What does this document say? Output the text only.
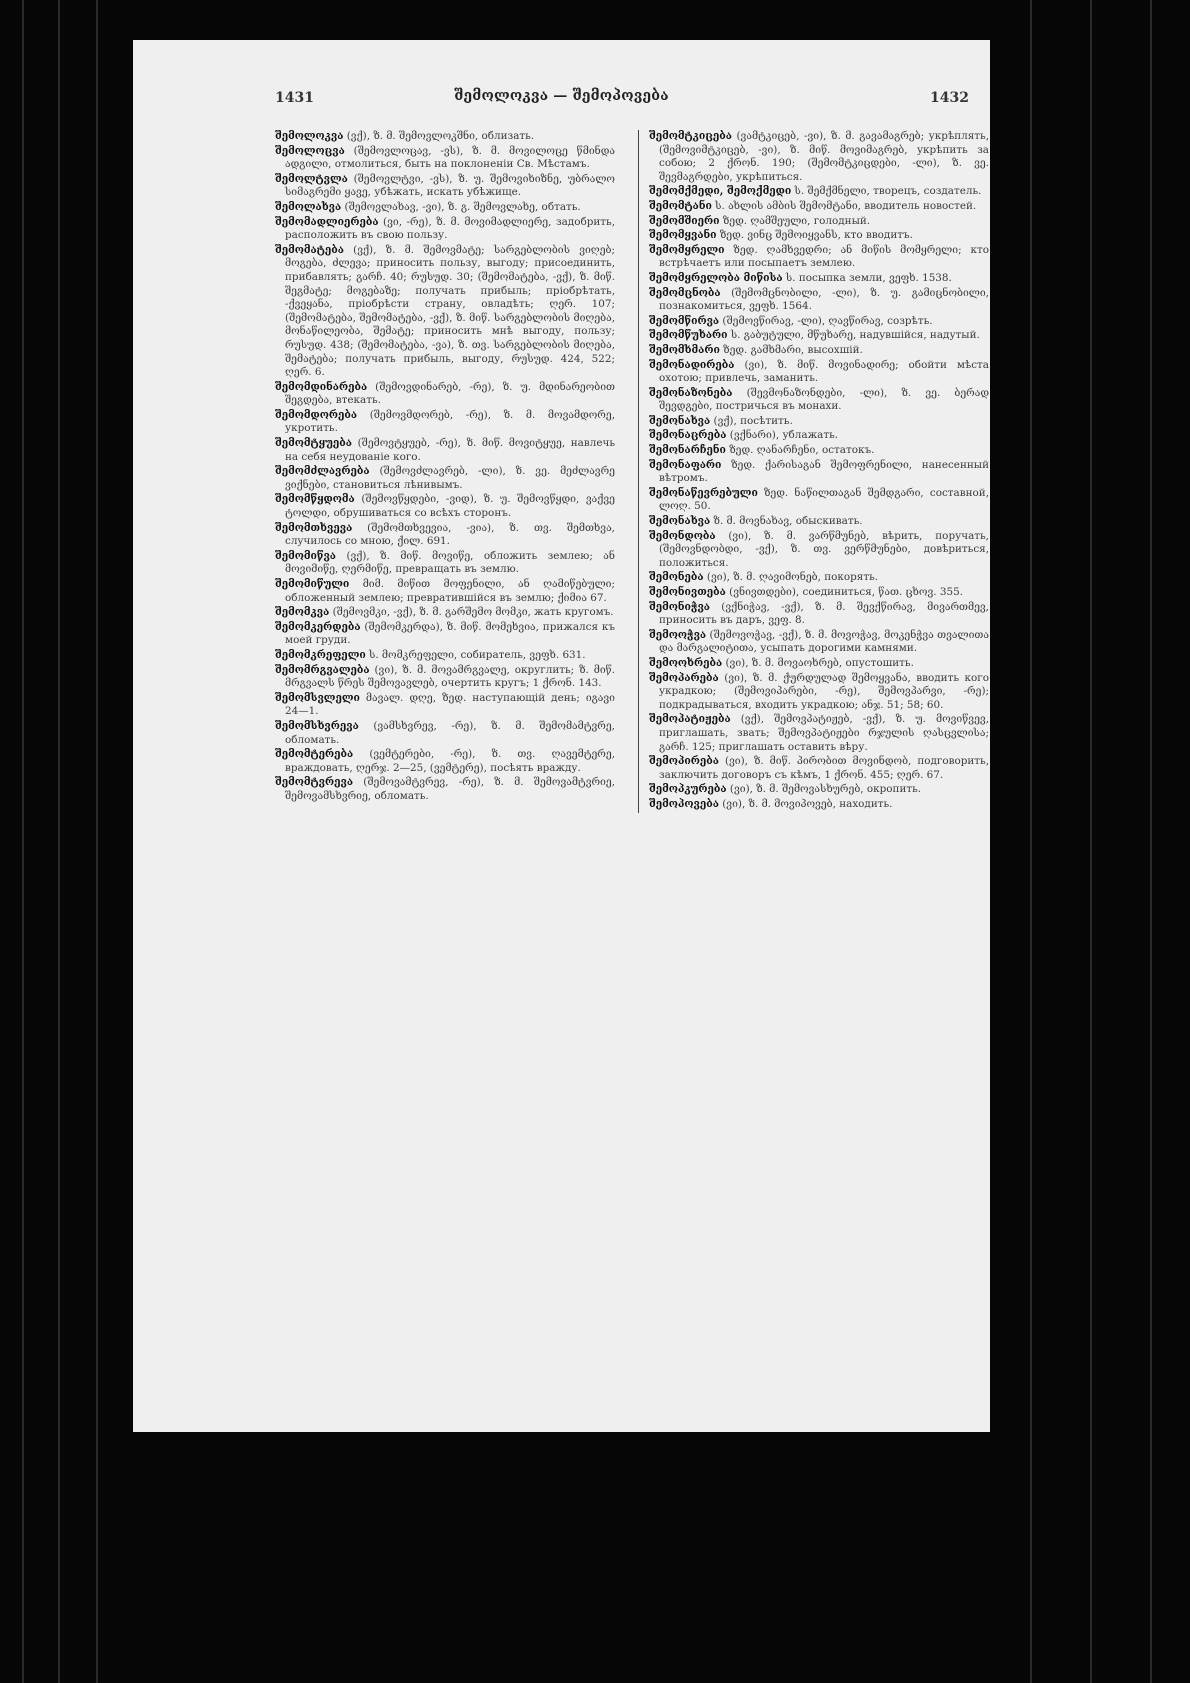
1431	შემოლოკვა — შემოპოვება	1432

შემოლოკვა (ვქ), ზ. მ. შემოვლოკშნი, облизать.

შემოლოცვა (შემოვლოცავ, -ვს), ზ. მ. მოვილოცე წმინდა ადგილი, отмолиться, быть на поклоненіи Св. Мѣстамъ.

შემოლტვლა (შემოვლტვი, -ვს), ზ. უ. შემოვიხიზნე, უბრალო სიმაგრემი ყავე, убѣжать, искать убѣжище.

შემოლახვა (შემოვლახავ, -ვი), ზ. გ. შემოვლახე, обтать.

შემომადლიერება (ვი, -რე), ზ. მ. მოვიმადლიერე, задобрить, расположить въ свою пользу.

შემომატება (ვქ), ზ. მ. შემოვმატე; სარგებლობის ვიღებ; მოგება, ძლევა; приносить пользу, выгоду; присоединить, прибавлять; გარჩ. 40; რუსუდ. 30; (შემომატება, -ვქ), ზ. მიწ. შეგმატე; მოგებაზე; получать прибыль; пріобрѣтать, -ქვეყანა, пріобрѣсти страну, овладѣть; ღერ. 107; (შემომატება, შემომატება, -ვქ), ზ. მიწ. სარგებლობის მიღება, მონაწილეობა, შემატე; приносить мнѣ выгоду, пользу; რუსუდ. 438; (შემომატება, -ვა), ზ. თვ. სარგებლობის მიღება, შემატება; получать прибыль, выгоду, რუსუდ. 424, 522; ღერ. 6.

შემომდინარება (შემოვდინარებ, -რე), ზ. უ. მდინარეობით შეგდება, втекать.

შემომდორება (შემოვმდორებ, -რე), ზ. მ. მოვამდორე, укротить.

შემომტყუება (შემოვტყუებ, -რე), ზ. მიწ. მოვიტყუე, навлечь на себя неудованіе кого.

შემომძლავრება (შემოვძლავრებ, -ლი), ზ. ვე. მეძლავრე ვიქნები, становиться лѣнивымъ.

შემომწყდომა (შემოვწყდები, -ვიდ), ზ. უ. შემოვწყდი, ვაქვე ტოლდი, обрушиваться со всѣхъ сторонъ.

შემომთხვევა (შემომთხვევია, -ვია), ზ. თვ. შემთხვა, случилось со мною, ქილ. 691.

შემომიწვა (ვქ), ზ. მიწ. მოვიწე, обложить землею; ან მოვიმიწე, ღერმიწე, превращать въ землю.

შემომიწული მიმ. მიწით მოფენილი, ან ღამიწებული; обложенный землею; превратившійся въ землю; ქიმია 67.

შემომკვა (შემოვმკი, -ვქ), ზ. მ. გარშემო მომკი, жать кругомъ.

შემომკერდება (შემომკერდა), ზ. მიწ. მომეხვია, прижался къ моей груди.

შემომკრეფელი ს. მომკრეფელი, собиратель, ვეფხ. 631.

შემომრგვალება (ვი), ზ. მ. მოვამრგვალე, округлить; ზ. მიწ. მრგვალს წრეს შემოვავლებ, очертить кругъ; 1 ქრონ. 143.

შემომსვლელი მავალ. დღე, ზედ. наступающій день; იგავი 24—1.

შემომსხვრევა (ვამსხვრევ, -რე), ზ. მ. შემომამტვრე, обломать.

შემომტერება (ვემტერები, -რე), ზ. თვ. ღავემტერე, враждовать, ღერჯ. 2—25, (ვემტერე), посѣять вражду.

შემომტვრევა (შემოვამტვრევ, -რე), ზ. მ. შემოვამტვრიე, შემოვამსხვრიე, обломать.

შემომტკიცება (ვამტკიცებ, -ვი), ზ. მ. გავამაგრებ; укрѣплять, (შემოვიმტკიცებ, -ვი), ზ. მიწ. მოვიმაგრებ, укрѣпить за собою; 2 ქრონ. 190; (შემომტკიცდები, -ლი), ზ. ვე. შევმაგრდები, укрѣпиться.

შემომქმედი, შემოქმედი ს. შემქმნელი, творецъ, создатель.

შემომტანი ს. ახლის ამბის შემომტანი, вводитель новостей.

შემომშიერი ზედ. ღამშეული, голодный.

შემომყვანი ზედ. ვინც შემოიყვანს, кто вводитъ.

შემომყრელი ზედ. ღამხვედრი; ან მიწის მომყრელი; кто встрѣчаетъ или посыпаетъ землею.

შემომყრელობა მიწისა ს. посыпка земли, ვეფხ. 1538.

შემომცნობა (შემომცნობილი, -ლი), ზ. უ. გამიცნობილი, познакомиться, ვეფხ. 1564.

შემომწირვა (შემოვწირავ, -ლი), ღავწირავ, созрѣть.

შემომწუხარი ს. გაბუტული, მწუხარე, надувшійся, надутый.

შემომხმარი ზედ. გამხმარი, высохшій.

შემონადირება (ვი), ზ. მიწ. მოვინადირე; обойти мѣста охотою; привлечь, заманить.

შემონაზონება (შევმონაზონდები, -ლი), ზ. ვე. ბერად შევდგები, постричься въ монахи.

შემონახვა (ვქ), посѣтить.

შემონაცრება (ვქნარი), ублажать.

შემონარჩენი ზედ. ღანარჩენი, остатокъ.

შემონაფარი ზედ. ქარისაგან შემოფრენილი, нанесенный вѣтромъ.

შემონაწევრებული ზედ. ნაწილთაგან შემდგარი, составной, ლოღ. 50.

შემონახვა ზ. მ. მოვნახავ, обыскивать.

შემონდობა (ვი), ზ. მ. ვარწმუნებ, вѣрить, поручать, (შემოვნდობდი, -ვქ), ზ. თვ. ვერწმუნები, довѣриться, положиться.

შემონება (ვი), ზ. მ. ღავიმონებ, покорять.

შემონივთება (ვნივთდები), соединиться, წათ. ცხოვ. 355.

შემონიჭვა (ვქნიჭავ, -ვქ), ზ. მ. შევქწირავ, მივართმევ, приносить въ даръ, ვეფ. 8.

შემოოჭვა (შემოვოჭავ, -ვქ), ზ. მ. მოვოჭავ, მოკენჭვა თვალითა და მარგალიტითა, усыпать дорогими камнями.

შემოოხრება (ვი), ზ. მ. მოვაოხრებ, опустошить.

შემოპარება (ვი), ზ. მ. ქურდულად შემოყვანა, вводить кого украдкою; (შემოვიპარები, -რე), შემოვპარვი, -რე); подкрадываться, входить украдкою; ანჯ. 51; 58; 60.

შემოპატიჟება (ვქ), შემოვპატიჟებ, -ვქ), ზ. უ. მოვიწვევ, приглашать, звать; შემოვპატიჟები რჯულის ღასცვლისა; გარჩ. 125; приглашать оставить вѣру.

შემოპირება (ვი), ზ. მიწ. პირობით მოვინდობ, подговорить, заключить договоръ съ кѣмъ, 1 ქრონ. 455; ღერ. 67.

შემოპკურება (ვი), ზ. მ. შემოვასხურებ, окропить.

შემოპოვება (ვი), ზ. მ. მოვიპოვებ, находить.
